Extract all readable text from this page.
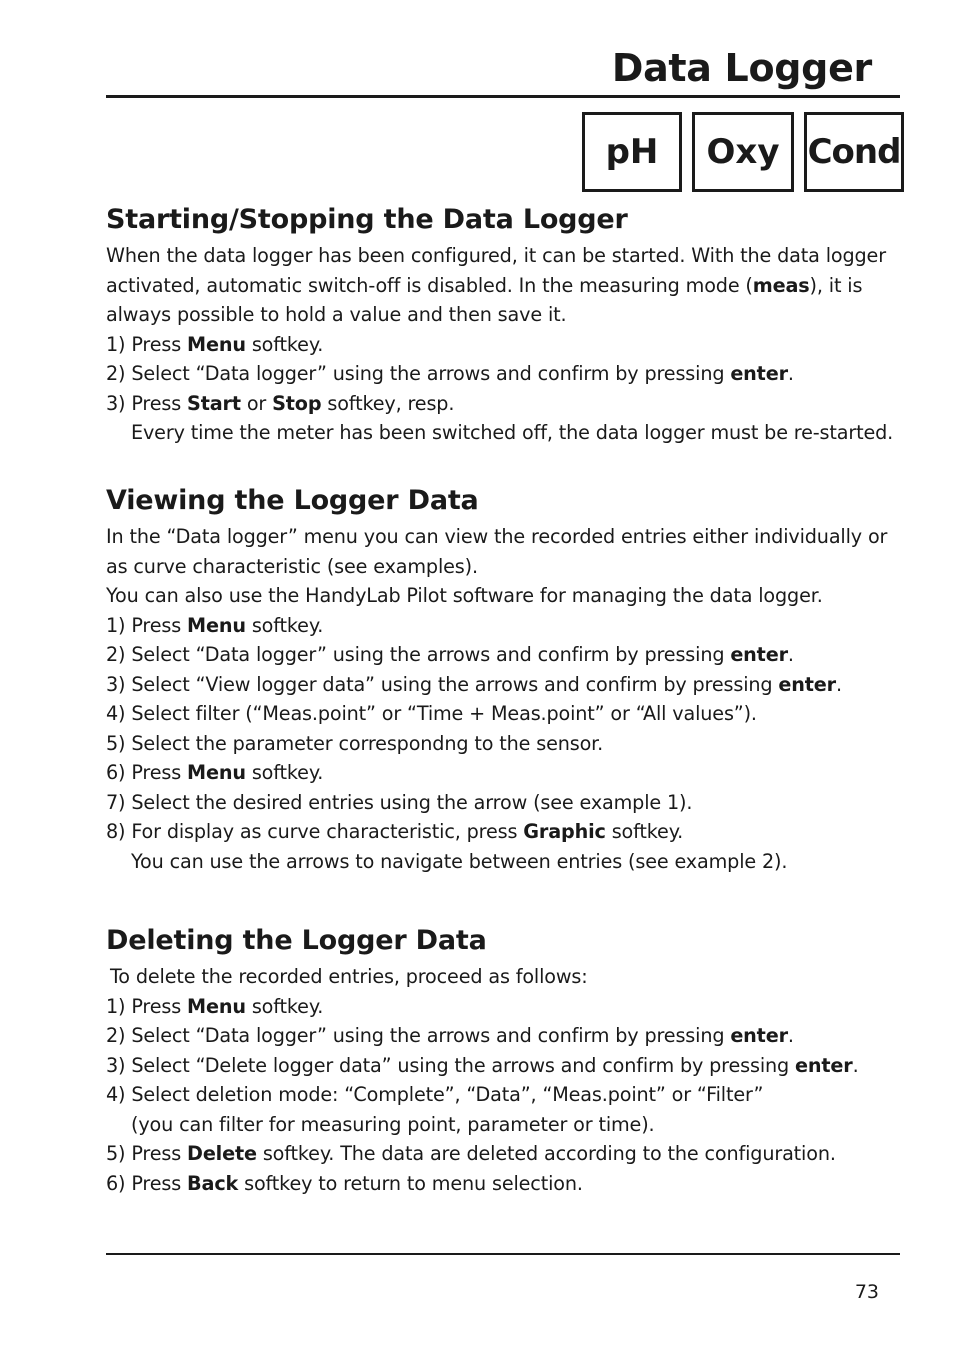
Data Logger
pH	Oxy Cond
Starting/Stopping the Data Logger

When the data logger has been configured, it can be started. With the data logger activated, automatic switch-off is disabled. In the measuring mode (meas), it is always possible to hold a value and then save it.

1) Press Menu softkey.
2) Select “Data logger” using the arrows and confirm by pressing enter.
3) Press Start or Stop softkey, resp.
Every time the meter has been switched off, the data logger must be re-started.
Viewing the Logger Data

In the “Data logger” menu you can view the recorded entries either individually or as curve characteristic (see examples).

You can also use the HandyLab Pilot software for managing the data logger.

1) Press Menu softkey.
2) Select “Data logger” using the arrows and confirm by pressing enter.
3) Select “View logger data” using the arrows and confirm by pressing enter.
4) Select filter (“Meas.point” or “Time + Meas.point” or “All values”).
5) Select the parameter correspondng to the sensor.
6) Press Menu softkey.
7) Select the desired entries using the arrow (see example 1).
8) For display as curve characteristic, press Graphic softkey.
You can use the arrows to navigate between entries (see example 2).
Deleting the Logger Data

To delete the recorded entries, proceed as follows:

1) Press Menu softkey.
2) Select “Data logger” using the arrows and confirm by pressing enter.
3) Select “Delete logger data” using the arrows and confirm by pressing enter.
4) Select deletion mode: “Complete”, “Data”, “Meas.point” or “Filter”
(you can filter for measuring point, parameter or time).
5) Press Delete softkey. The data are deleted according to the configuration.
6) Press Back softkey to return to menu selection.
73
